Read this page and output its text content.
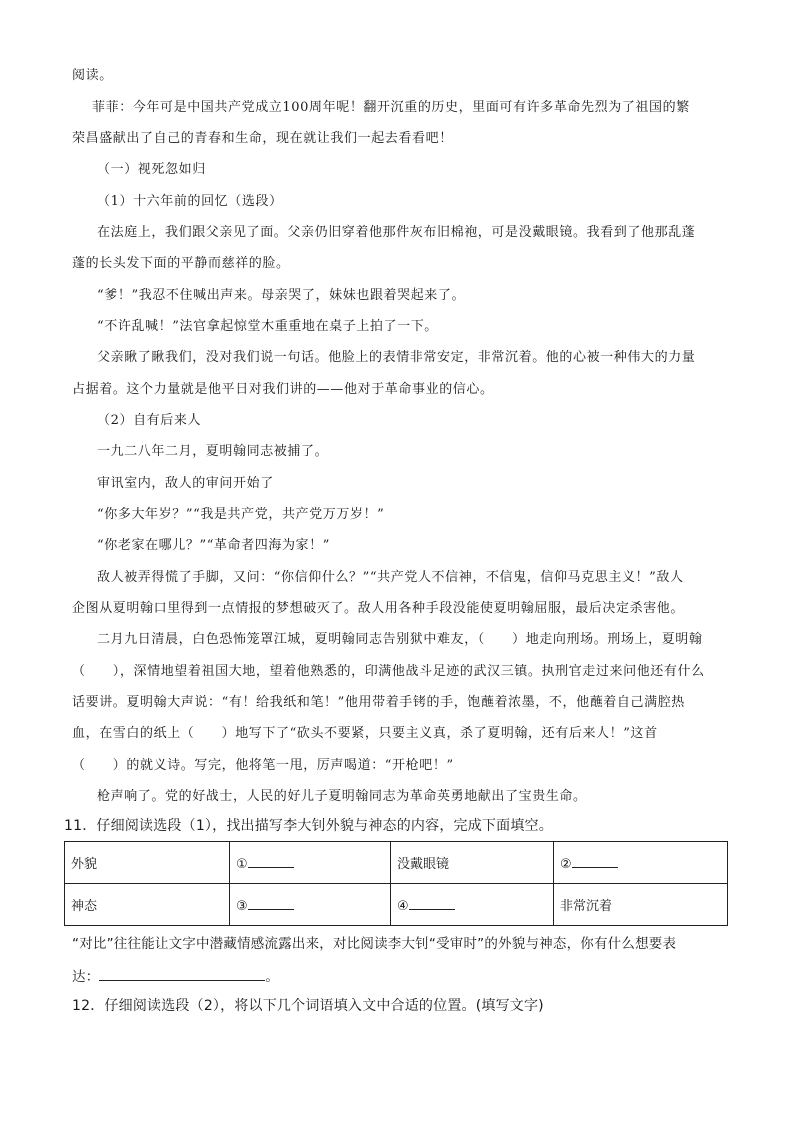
阅读。
菲菲：今年可是中国共产党成立100周年呢！翻开沉重的历史，里面可有许多革命先烈为了祖国的繁
荣昌盛献出了自己的青春和生命，现在就让我们一起去看看吧！
（一）视死忽如归
（1）十六年前的回忆（选段）
在法庭上，我们跟父亲见了面。父亲仍旧穿着他那件灰布旧棉袍，可是没戴眼镜。我看到了他那乱蓬
蓬的长头发下面的平静而慈祥的脸。
“爹！”我忍不住喊出声来。母亲哭了，妹妹也跟着哭起来了。
“不许乱喊！”法官拿起惊堂木重重地在桌子上拍了一下。
父亲瞅了瞅我们，没对我们说一句话。他脸上的表情非常安定，非常沉着。他的心被一种伟大的力量
占据着。这个力量就是他平日对我们讲的——他对于革命事业的信心。
（2）自有后来人
一九二八年二月，夏明翰同志被捕了。
审讯室内，敌人的审问开始了
“你多大年岁？”“我是共产党，共产党万万岁！”
“你老家在哪儿？”“革命者四海为家！”
敌人被弄得慌了手脚，又问：“你信仰什么？”“共产党人不信神，不信鬼，信仰马克思主义！”敌人
企图从夏明翰口里得到一点情报的梦想破灭了。敌人用各种手段没能使夏明翰屈服，最后决定杀害他。
二月九日清晨，白色恐怖笼罩江城，夏明翰同志告别狱中难友，（　　）地走向刑场。刑场上，夏明翰
（　　），深情地望着祖国大地，望着他熟悉的，印满他战斗足迹的武汉三镇。执刑官走过来问他还有什么
话要讲。夏明翰大声说：“有！给我纸和笔！”他用带着手铐的手，饱蘸着浓墨，不，他蘸着自己满腔热
血，在雪白的纸上（　　）地写下了“砍头不要紧，只要主义真，杀了夏明翰，还有后来人！”这首
（　　）的就义诗。写完，他将笔一甩，厉声喝道：“开枪吧！”
枪声响了。党的好战士，人民的好儿子夏明翰同志为革命英勇地献出了宝贵生命。
11．仔细阅读选段（1），找出描写李大钊外貌与神态的内容，完成下面填空。
外貌	①	没戴眼镜	②
神态	③	④	非常沉着
“对比”往往能让文字中潜藏情感流露出来，对比阅读李大钊“受审时”的外貌与神态，你有什么想要表
达：	。
12．仔细阅读选段（2），将以下几个词语填入文中合适的位置。(填写文字)
